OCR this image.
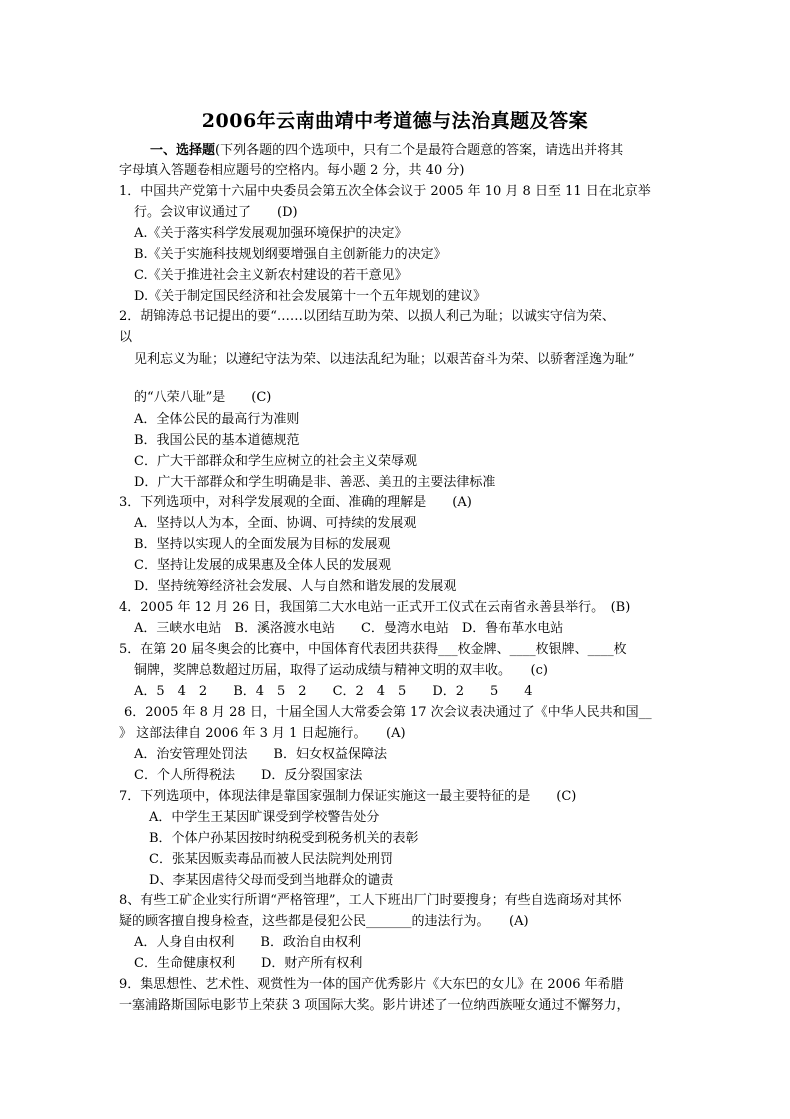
2006年云南曲靖中考道德与法治真题及答案
一、选择题(下列各题的四个选项中，只有二个是最符合题意的答案，请选出并将其
字母填入答题卷相应题号的空格内。每小题 2 分，共 40 分)
1．中国共产党第十六届中央委员会第五次全体会议于 2005 年 10 月 8 日至 11 日在北京举
行。会议审议通过了　　(D)
A.《关于落实科学发展观加强环境保护的决定》
B.《关于实施科技规划纲要增强自主创新能力的决定》
C.《关于推进社会主义新农村建设的若干意见》
D.《关于制定国民经济和社会发展第十一个五年规划的建议》
2．胡锦涛总书记提出的要“……以团结互助为荣、以损人利己为耻；以诚实守信为荣、
以
见利忘义为耻；以遵纪守法为荣、以违法乱纪为耻；以艰苦奋斗为荣、以骄奢淫逸为耻”
的“八荣八耻”是　　(C)
A．全体公民的最高行为准则
B．我国公民的基本道德规范
C．广大干部群众和学生应树立的社会主义荣辱观
D．广大干部群众和学生明确是非、善恶、美丑的主要法律标准
3．下列选项中，对科学发展观的全面、准确的理解是　　(A)
A．坚持以人为本，全面、协调、可持续的发展观
B．坚持以实现人的全面发展为目标的发展观
C．坚持让发展的成果惠及全体人民的发展观
D．坚持统筹经济社会发展、人与自然和谐发展的发展观
4．2005 年 12 月 26 日，我国第二大水电站一正式开工仪式在云南省永善县举行。　(B)
A．三峡水电站　B．溪洛渡水电站　　C．曼湾水电站　D．鲁布革水电站
5．在第 20 届冬奥会的比赛中，中国体育代表团共获得___枚金牌、____枚银牌、____枚
铜牌，奖牌总数超过历届，取得了运动成绩与精神文明的双丰收。　　(c)
A．5　4　2　　B．4　5　2　　C．2　4　5　　D．2　　5　　4
6．2005 年 8 月 28 日，十届全国人大常委会第 17 次会议表决通过了《中华人民共和国__
》 这部法律自 2006 年 3 月 1 日起施行。　　(A)
A．治安管理处罚法　　B．妇女权益保障法
C．个人所得税法　　D．反分裂国家法
7．下列选项中，体现法律是靠国家强制力保证实施这一最主要特征的是　　(C)
A．中学生王某因旷课受到学校警告处分
B．个体户孙某因按时纳税受到税务机关的表彰
C．张某因贩卖毒品而被人民法院判处刑罚
D、李某因虐待父母而受到当地群众的谴责
8、有些工矿企业实行所谓“严格管理”，工人下班出厂门时要搜身；有些自选商场对其怀
疑的顾客擅自搜身检查，这些都是侵犯公民_______的违法行为。　　(A)
A．人身自由权利　　B．政治自由权利
C．生命健康权利　　D．财产所有权利
9．集思想性、艺术性、观赏性为一体的国产优秀影片《大东巴的女儿》在 2006 年希腊
一塞浦路斯国际电影节上荣获 3 项国际大奖。影片讲述了一位纳西族哑女通过不懈努力，
